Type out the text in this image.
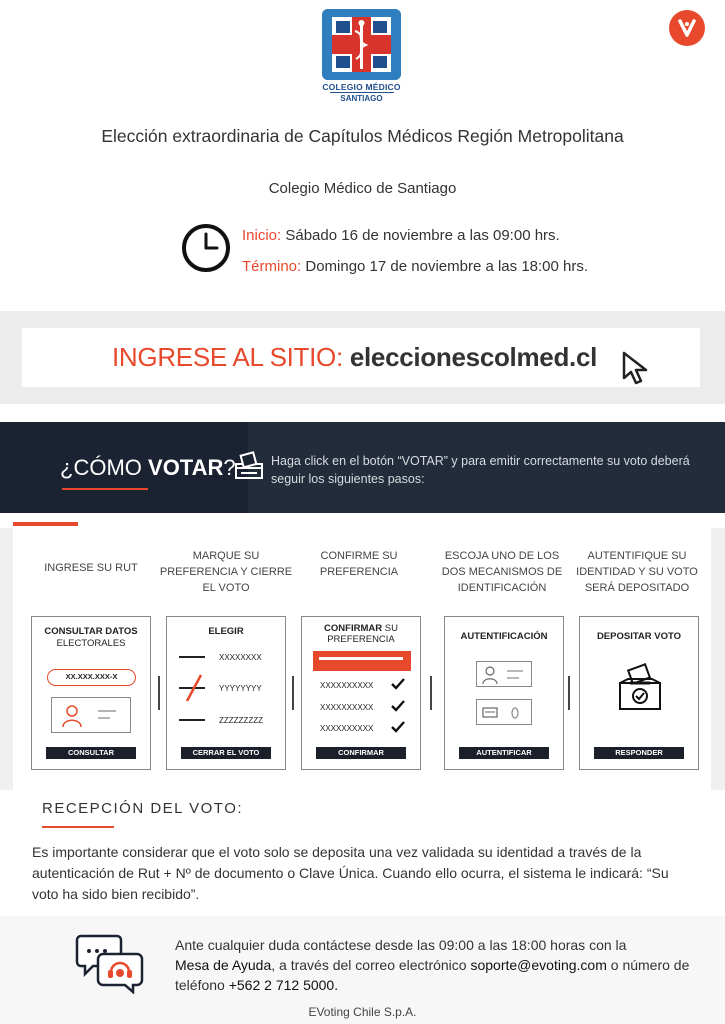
COLEGIO MÉDICO
SANTIAGO
Elección extraordinaria de Capítulos Médicos Región Metropolitana
Colegio Médico de Santiago
Inicio: Sábado 16 de noviembre a las 09:00 hrs.
Término: Domingo 17 de noviembre a las 18:00 hrs.
INGRESE AL SITIO: eleccionescolmed.cl
¿CÓMO VOTAR?	Haga click en el botón “VOTAR” y para emitir correctamente su voto deberá seguir los siguientes pasos:
INGRESE SU RUT
MARQUE SU PREFERENCIA Y CIERRE EL VOTO
CONFIRME SU PREFERENCIA
ESCOJA UNO DE LOS DOS MECANISMOS DE IDENTIFICACIÓN
AUTENTIFIQUE SU IDENTIDAD Y SU VOTO SERÁ DEPOSITADO
CONSULTAR DATOS
ELECTORALES
XX.XXX.XXX-X
CONSULTAR
ELEGIR
XXXXXXXX
YYYYYYYY
ZZZZZZZZZ
CERRAR EL VOTO
CONFIRMAR SU PREFERENCIA
XXXXXXXXXX
XXXXXXXXXX
XXXXXXXXXX
CONFIRMAR
AUTENTIFICACIÓN
AUTENTIFICAR
DEPOSITAR VOTO
RESPONDER
RECEPCIÓN DEL VOTO:
Es importante considerar que el voto solo se deposita una vez validada su identidad a través de la autenticación de Rut + Nº de documento o Clave Única. Cuando ello ocurra, el sistema le indicará: “Su voto ha sido bien recibido”.
Ante cualquier duda contáctese desde las 09:00 a las 18:00 horas con la
Mesa de Ayuda, a través del correo electrónico soporte@evoting.com o número de teléfono +562 2 712 5000.
EVoting Chile S.p.A.
